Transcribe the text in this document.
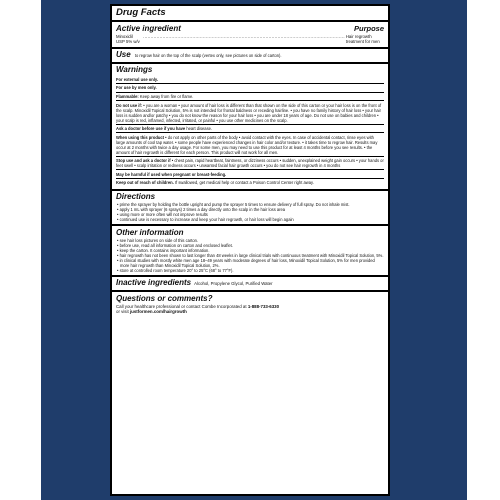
Drug Facts
Active ingredient	Purpose
Minoxidil USP 5% w/v
....................................................................................................................................... Hair regrowth treatment for men
Use to regrow hair on the top of the scalp (vertex only, see pictures on side of carton).
Warnings
For external use only.
For use by men only.
Flammable: Keep away from fire or flame.
Do not use if: • you are a woman • your amount of hair loss is different than that shown on the side of this carton or your hair loss is on the front of the scalp. Minoxidil Topical Solution, 5% is not intended for frontal baldness or receding hairline. • you have no family history of hair loss • your hair loss is sudden and/or patchy • you do not know the reason for your hair loss • you are under 18 years of age. Do not use on babies and children • your scalp is red, inflamed, infected, irritated, or painful • you use other medicines on the scalp.
Ask a doctor before use if you have heart disease.
When using this product • do not apply on other parts of the body • avoid contact with the eyes. In case of accidental contact, rinse eyes with large amounts of cool tap water. • some people have experienced changes in hair color and/or texture. • it takes time to regrow hair. Results may occur at 2 months with twice a day usage. For some men, you may need to use this product for at least 4 months before you see results. • the amount of hair regrowth is different for each person. This product will not work for all men.
Stop use and ask a doctor if • chest pain, rapid heartbeat, faintness, or dizziness occurs • sudden, unexplained weight gain occurs • your hands or feet swell • scalp irritation or redness occurs • unwanted facial hair growth occurs • you do not see hair regrowth in 4 months
May be harmful if used when pregnant or breast-feeding.
Keep out of reach of children. If swallowed, get medical help or contact a Poison Control Center right away.
Directions
• prime the sprayer by holding the bottle upright and pump the sprayer 5 times to ensure delivery of full spray. Do not inhale mist.
• apply 1 mL with sprayer (6 sprays) 2 times a day directly onto the scalp in the hair loss area
• using more or more often will not improve results
• continued use is necessary to increase and keep your hair regrowth, or hair loss will begin again
Other information
• see hair loss pictures on side of this carton.
• before use, read all information on carton and enclosed leaflet.
• keep the carton. It contains important information.
• hair regrowth has not been shown to last longer than 48 weeks in large clinical trials with continuous treatment with Minoxidil Topical Solution, 5%.
• in clinical studies with mostly white men age 18–49 years with moderate degrees of hair loss, Minoxidil Topical Solution, 5% for men provided more hair regrowth than Minoxidil Topical Solution, 2%.
• store at controlled room temperature 20° to 25°C (68° to 77°F).
Inactive ingredients Alcohol, Propylene Glycol, Purified Water
Questions or comments?
Call your healthcare professional or contact Combe Incorporated at 1-888-733-6330
or visit justformen.com/hairgrowth
